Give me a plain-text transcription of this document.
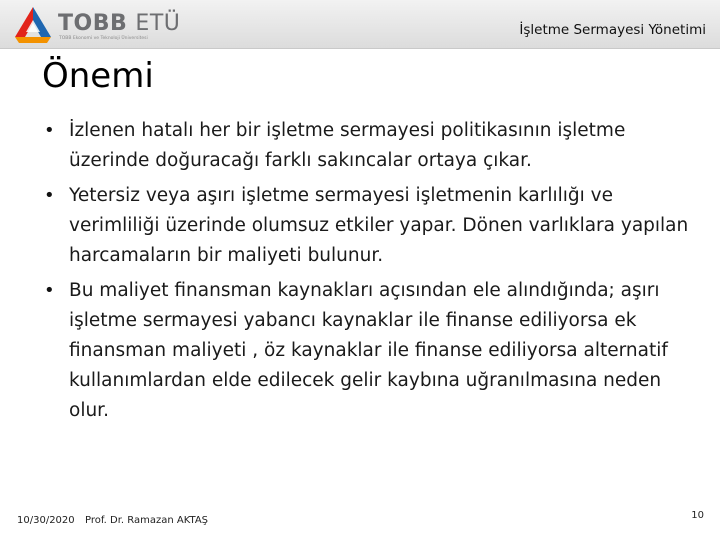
TOBB ETÜ
TOBB Ekonomi ve Teknoloji Üniversitesi
İşletme Sermayesi Yönetimi
Önemi
• İzlenen hatalı her bir işletme sermayesi politikasının işletme üzerinde doğuracağı farklı sakıncalar ortaya çıkar.
• Yetersiz veya aşırı işletme sermayesi işletmenin karlılığı ve verimliliği üzerinde olumsuz etkiler yapar. Dönen varlıklara yapılan harcamaların bir maliyeti bulunur.
• Bu maliyet finansman kaynakları açısından ele alındığında; aşırı işletme sermayesi yabancı kaynaklar ile finanse ediliyorsa ek finansman maliyeti , öz kaynaklar ile finanse ediliyorsa alternatif kullanımlardan elde edilecek gelir kaybına uğranılmasına neden olur.
10/30/2020 Prof. Dr. Ramazan AKTAŞ	10
